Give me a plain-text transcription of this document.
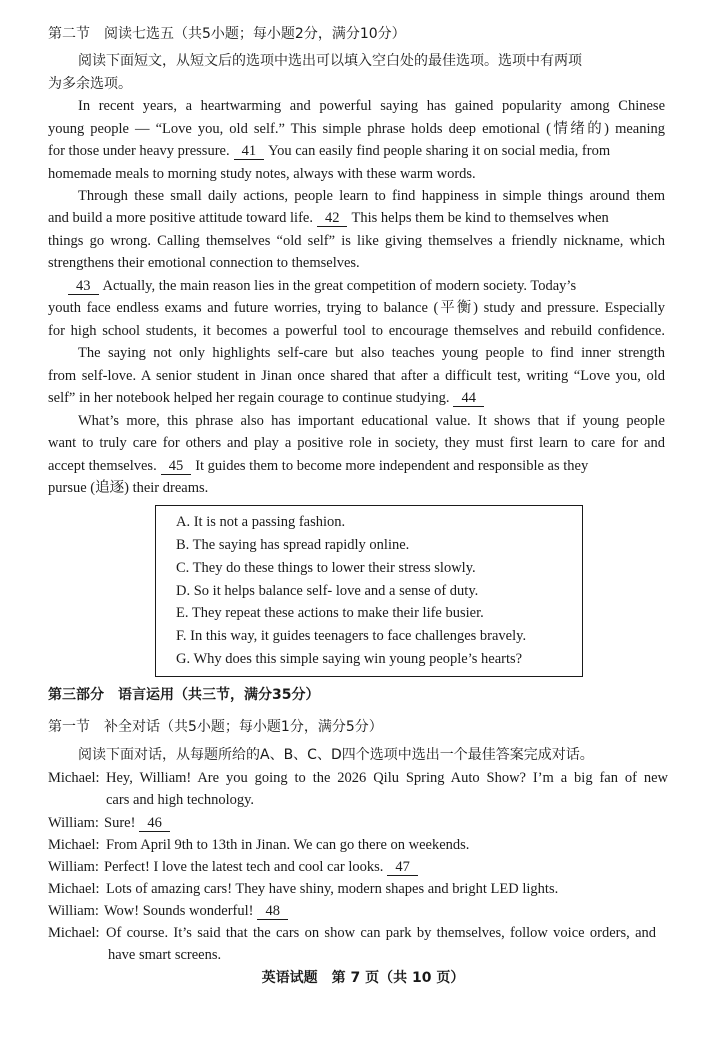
第二节　阅读七选五（共5小题；每小题2分，满分10分）
阅读下面短文，从短文后的选项中选出可以填入空白处的最佳选项。选项中有两项
为多余选项。
In recent years, a heartwarming and powerful saying has gained popularity among Chinese
young people — “Love you, old self.” This simple phrase holds deep emotional (情绪的) meaning
for those under heavy pressure. 41 You can easily find people sharing it on social media, from
homemade meals to morning study notes, always with these warm words.
Through these small daily actions, people learn to find happiness in simple things around them
and build a more positive attitude toward life. 42 This helps them be kind to themselves when
things go wrong. Calling themselves “old self” is like giving themselves a friendly nickname, which
strengthens their emotional connection to themselves.
43 Actually, the main reason lies in the great competition of modern society. Today’s
youth face endless exams and future worries, trying to balance (平衡) study and pressure. Especially
for high school students, it becomes a powerful tool to encourage themselves and rebuild confidence.
The saying not only highlights self-care but also teaches young people to find inner strength
from self-love. A senior student in Jinan once shared that after a difficult test, writing “Love you, old
self” in her notebook helped her regain courage to continue studying. 44
What’s more, this phrase also has important educational value. It shows that if young people
want to truly care for others and play a positive role in society, they must first learn to care for and
accept themselves. 45 It guides them to become more independent and responsible as they
pursue (追逐) their dreams.
A. It is not a passing fashion.
B. The saying has spread rapidly online.
C. They do these things to lower their stress slowly.
D. So it helps balance self- love and a sense of duty.
E. They repeat these actions to make their life busier.
F. In this way, it guides teenagers to face challenges bravely.
G. Why does this simple saying win young people’s hearts?
第三部分　语言运用（共三节，满分35分）
第一节　补全对话（共5小题；每小题1分，满分5分）
阅读下面对话，从每题所给的A、B、C、D四个选项中选出一个最佳答案完成对话。
Michael: Hey, William! Are you going to the 2026 Qilu Spring Auto Show? I’m a big fan of new
cars and high technology.
William: Sure! 46
Michael: From April 9th to 13th in Jinan. We can go there on weekends.
William: Perfect! I love the latest tech and cool car looks. 47
Michael: Lots of amazing cars! They have shiny, modern shapes and bright LED lights.
William: Wow! Sounds wonderful! 48
Michael: Of course. It’s said that the cars on show can park by themselves, follow voice orders, and
have smart screens.
英语试题　第 7 页（共 10 页）
